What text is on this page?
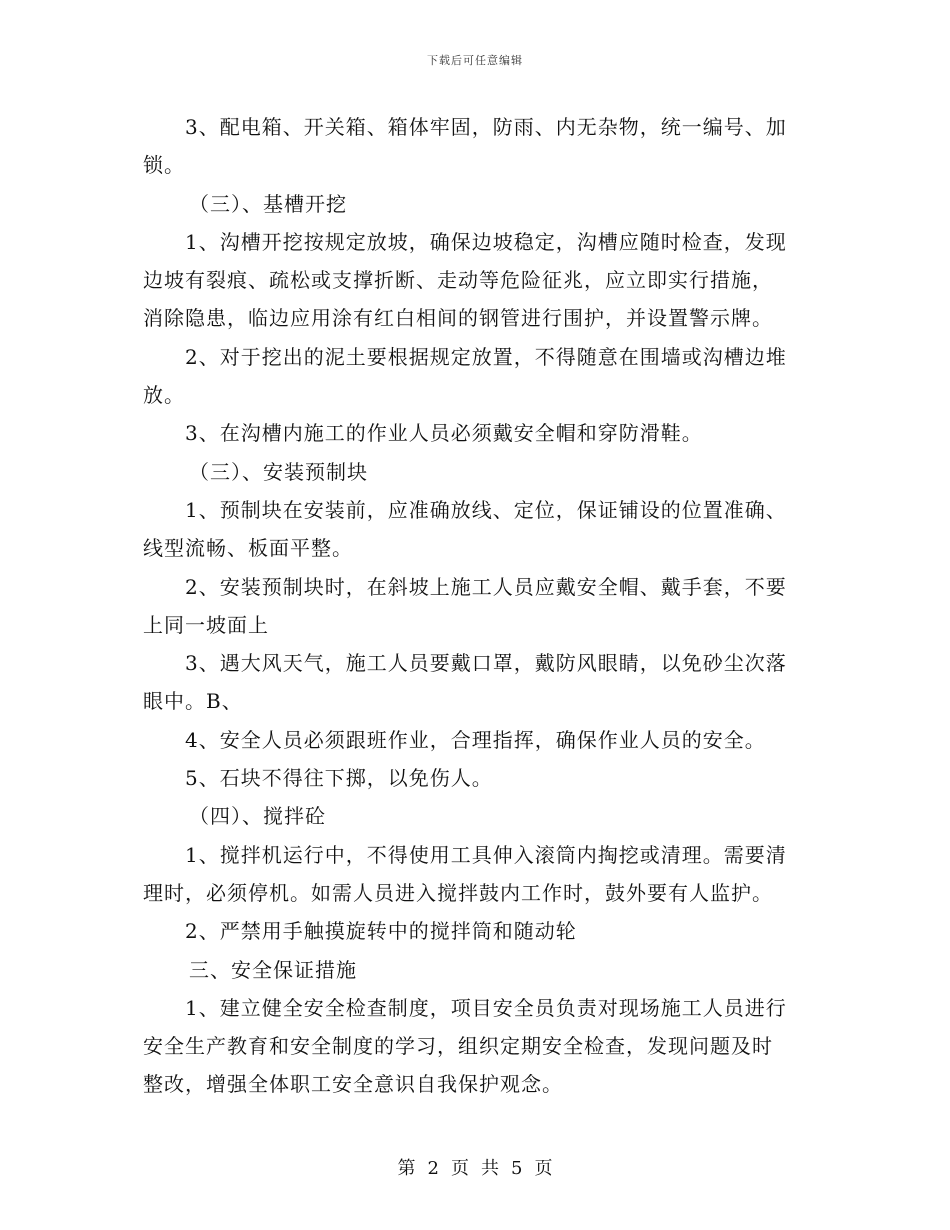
下载后可任意编辑
3、配电箱、开关箱、箱体牢固，防雨、内无杂物，统一编号、加
锁。
（三）、基槽开挖
1、沟槽开挖按规定放坡，确保边坡稳定，沟槽应随时检查，发现
边坡有裂痕、疏松或支撑折断、走动等危险征兆，应立即实行措施，
消除隐患，临边应用涂有红白相间的钢管进行围护，并设置警示牌。
2、对于挖出的泥土要根据规定放置，不得随意在围墙或沟槽边堆
放。
3、在沟槽内施工的作业人员必须戴安全帽和穿防滑鞋。
（三）、安装预制块
1、预制块在安装前，应准确放线、定位，保证铺设的位置准确、
线型流畅、板面平整。
2、安装预制块时，在斜坡上施工人员应戴安全帽、戴手套，不要
上同一坡面上
3、遇大风天气，施工人员要戴口罩，戴防风眼睛，以免砂尘次落
眼中。B、
4、安全人员必须跟班作业，合理指挥，确保作业人员的安全。
5、石块不得往下掷，以免伤人。
（四）、搅拌砼
1、搅拌机运行中，不得使用工具伸入滚筒内掏挖或清理。需要清
理时，必须停机。如需人员进入搅拌鼓内工作时，鼓外要有人监护。
2、严禁用手触摸旋转中的搅拌筒和随动轮
三、安全保证措施
1、建立健全安全检查制度，项目安全员负责对现场施工人员进行
安全生产教育和安全制度的学习，组织定期安全检查，发现问题及时
整改，增强全体职工安全意识自我保护观念。
第 2 页 共 5 页
